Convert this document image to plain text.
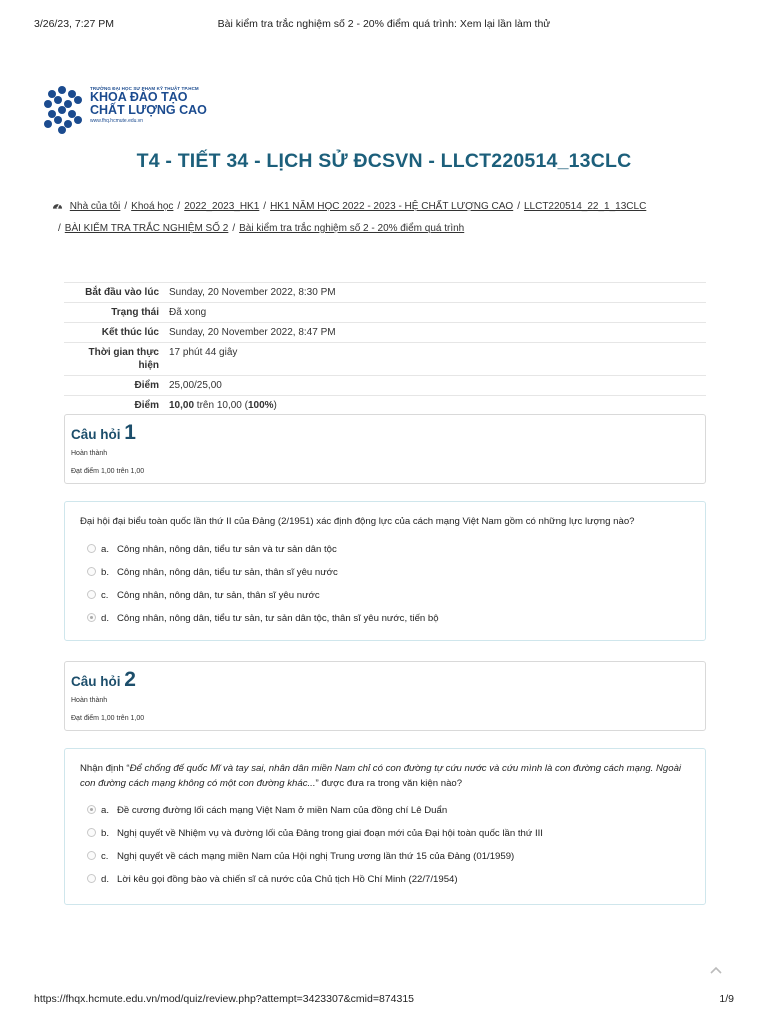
3/26/23, 7:27 PM	Bài kiểm tra trắc nghiệm số 2 - 20% điểm quá trình: Xem lại lần làm thử
TRƯỜNG ĐẠI HỌC SƯ PHẠM KỸ THUẬT TP.HCM
KHOA ĐÀO TẠO
CHẤT LƯỢNG CAO
www.fhq.hcmute.edu.vn
T4 - TIẾT 34 - LỊCH SỬ ĐCSVN - LLCT220514_13CLC
Nhà của tôi / Khoá học / 2022_2023_HK1 / HK1 NĂM HỌC 2022 - 2023 - HỆ CHẤT LƯỢNG CAO / LLCT220514_22_1_13CLC
/ BÀI KIỂM TRA TRẮC NGHIỆM SỐ 2 / Bài kiểm tra trắc nghiệm số 2 - 20% điểm quá trình
Bắt đầu vào lúc	Sunday, 20 November 2022, 8:30 PM
Trạng thái	Đã xong
Kết thúc lúc	Sunday, 20 November 2022, 8:47 PM
Thời gian thực
hiện	17 phút 44 giây
Điểm	25,00/25,00
Điểm	10,00 trên 10,00 (100%)
Câu hỏi 1
Hoàn thành
Đạt điểm 1,00 trên 1,00
Đại hội đại biểu toàn quốc lần thứ II của Đảng (2/1951) xác định động lực của cách mạng Việt Nam gồm có những lực lượng nào?
a. Công nhân, nông dân, tiểu tư sản và tư sản dân tộc
b. Công nhân, nông dân, tiểu tư sản, thân sĩ yêu nước
c. Công nhân, nông dân, tư sản, thân sĩ yêu nước
d. Công nhân, nông dân, tiểu tư sản, tư sản dân tộc, thân sĩ yêu nước, tiến bộ
Câu hỏi 2
Hoàn thành
Đạt điểm 1,00 trên 1,00
Nhận định “Để chống đế quốc Mĩ và tay sai, nhân dân miền Nam chỉ có con đường tự cứu nước và cứu mình là con đường cách mạng. Ngoài con đường cách mạng không có một con đường khác...” được đưa ra trong văn kiện nào?
a. Đề cương đường lối cách mạng Việt Nam ở miền Nam của đồng chí Lê Duẩn
b. Nghị quyết về Nhiệm vụ và đường lối của Đảng trong giai đoạn mới của Đại hội toàn quốc lần thứ III
c. Nghị quyết về cách mạng miền Nam của Hội nghị Trung ương lần thứ 15 của Đảng (01/1959)
d. Lời kêu gọi đồng bào và chiến sĩ cả nước của Chủ tịch Hồ Chí Minh (22/7/1954)
https://fhqx.hcmute.edu.vn/mod/quiz/review.php?attempt=3423307&cmid=874315	1/9
